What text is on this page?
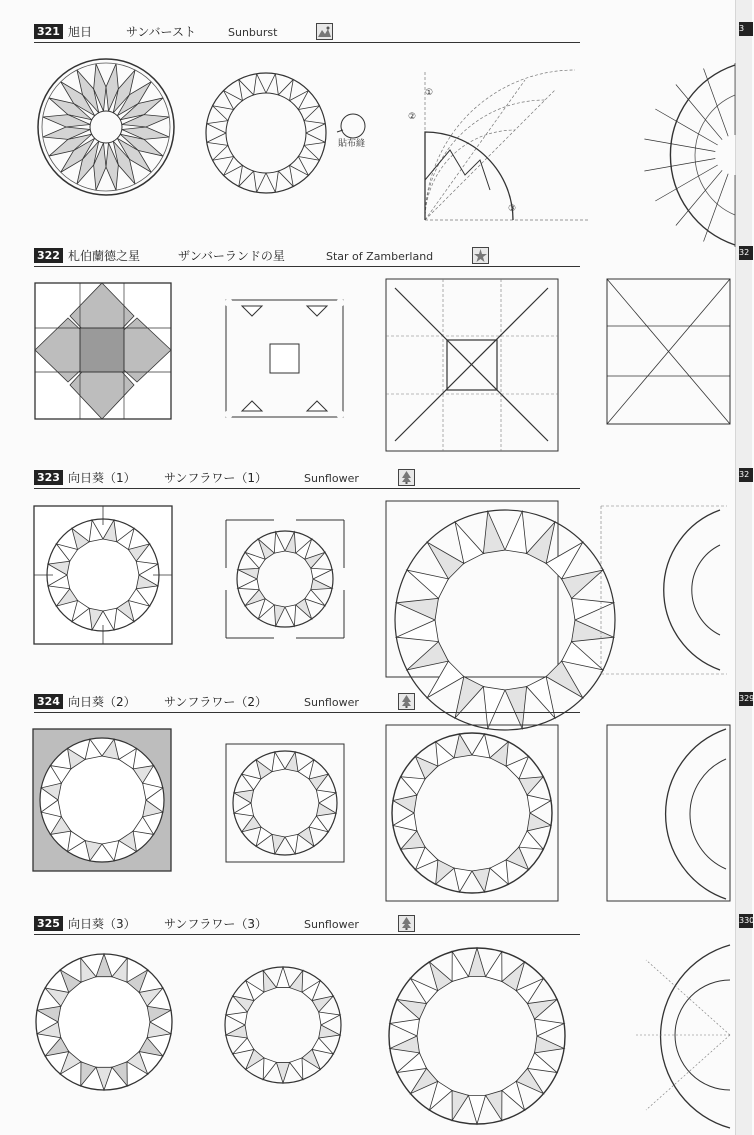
321 旭日	サンバースト	Sunburst
貼布縫
①
②
③
322 札伯蘭德之星	ザンバーランドの星	Star of Zamberland
323 向日葵（1） サンフラワー（1）	Sunflower
324 向日葵（2） サンフラワー（2）	Sunflower
325 向日葵（3） サンフラワー（3）	Sunflower
3
32
32
329
330
